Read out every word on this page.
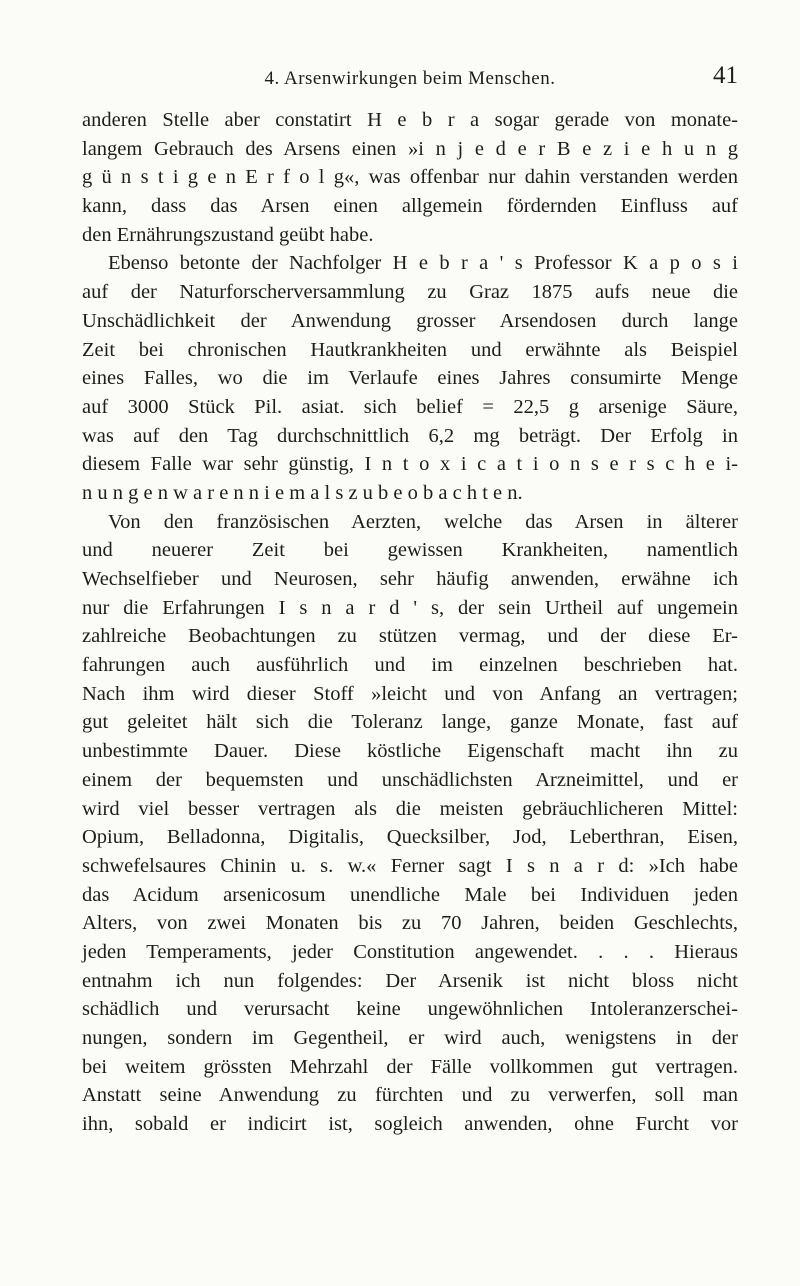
4. Arsenwirkungen beim Menschen.	41
anderen Stelle aber constatirt H e b r a sogar gerade von monate-
langem Gebrauch des Arsens einen »i n j e d e r B e z i e h u n g
g ü n s t i g e n E r f o l g«, was offenbar nur dahin verstanden werden
kann, dass das Arsen einen allgemein fördernden Einfluss auf
den Ernährungszustand geübt habe.
Ebenso betonte der Nachfolger H e b r a ' s Professor K a p o s i
auf der Naturforscherversammlung zu Graz 1875 aufs neue die
Unschädlichkeit der Anwendung grosser Arsendosen durch lange
Zeit bei chronischen Hautkrankheiten und erwähnte als Beispiel
eines Falles, wo die im Verlaufe eines Jahres consumirte Menge
auf 3000 Stück Pil. asiat. sich belief = 22,5 g arsenige Säure,
was auf den Tag durchschnittlich 6,2 mg beträgt. Der Erfolg in
diesem Falle war sehr günstig, I n t o x i c a t i o n s e r s c h e i-
n u n g e n w a r e n n i e m a l s z u b e o b a c h t e n.
Von den französischen Aerzten, welche das Arsen in älterer
und neuerer Zeit bei gewissen Krankheiten, namentlich
Wechselfieber und Neurosen, sehr häufig anwenden, erwähne ich
nur die Erfahrungen I s n a r d ' s, der sein Urtheil auf ungemein
zahlreiche Beobachtungen zu stützen vermag, und der diese Er-
fahrungen auch ausführlich und im einzelnen beschrieben hat.
Nach ihm wird dieser Stoff »leicht und von Anfang an vertragen;
gut geleitet hält sich die Toleranz lange, ganze Monate, fast auf
unbestimmte Dauer. Diese köstliche Eigenschaft macht ihn zu
einem der bequemsten und unschädlichsten Arzneimittel, und er
wird viel besser vertragen als die meisten gebräuchlicheren Mittel:
Opium, Belladonna, Digitalis, Quecksilber, Jod, Leberthran, Eisen,
schwefelsaures Chinin u. s. w.« Ferner sagt I s n a r d: »Ich habe
das Acidum arsenicosum unendliche Male bei Individuen jeden
Alters, von zwei Monaten bis zu 70 Jahren, beiden Geschlechts,
jeden Temperaments, jeder Constitution angewendet. . . . Hieraus
entnahm ich nun folgendes: Der Arsenik ist nicht bloss nicht
schädlich und verursacht keine ungewöhnlichen Intoleranzerschei-
nungen, sondern im Gegentheil, er wird auch, wenigstens in der
bei weitem grössten Mehrzahl der Fälle vollkommen gut vertragen.
Anstatt seine Anwendung zu fürchten und zu verwerfen, soll man
ihn, sobald er indicirt ist, sogleich anwenden, ohne Furcht vor
